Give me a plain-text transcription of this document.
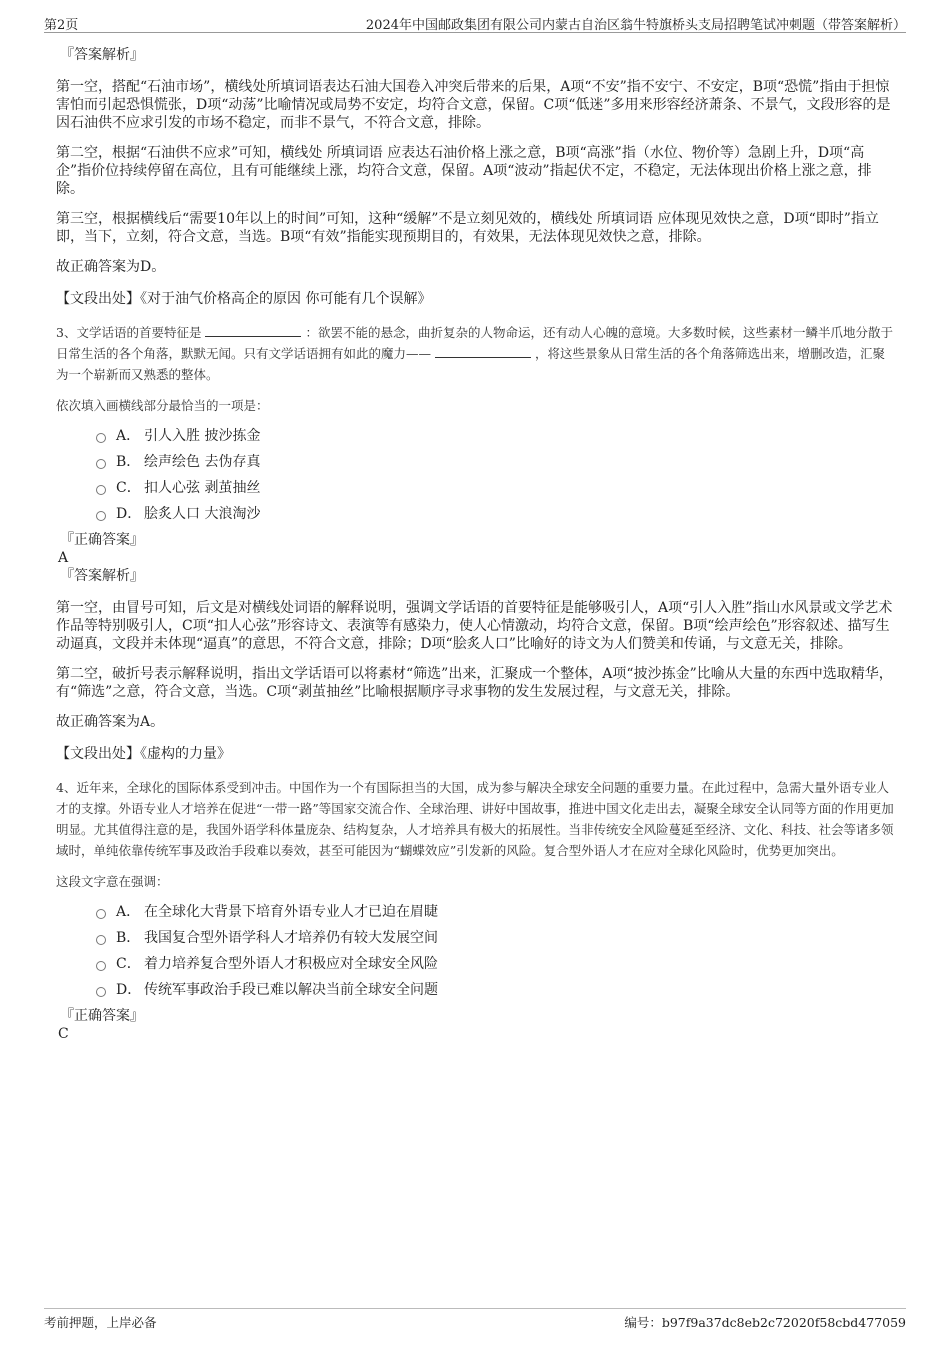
第2页	2024年中国邮政集团有限公司内蒙古自治区翁牛特旗桥头支局招聘笔试冲刺题（带答案解析）

『答案解析』

第一空，搭配“石油市场”，横线处所填词语表达石油大国卷入冲突后带来的后果，A项“不安”指不安宁、不安定，B项“恐慌”指由于担惊害怕而引起恐惧慌张，D项“动荡”比喻情况或局势不安定，均符合文意，保留。C项“低迷”多用来形容经济萧条、不景气，文段形容的是因石油供不应求引发的市场不稳定，而非不景气，不符合文意，排除。

第二空，根据“石油供不应求”可知，横线处 所填词语 应表达石油价格上涨之意，B项“高涨”指（水位、物价等）急剧上升，D项“高企”指价位持续停留在高位，且有可能继续上涨，均符合文意，保留。A项“波动”指起伏不定，不稳定，无法体现出价格上涨之意，排除。

第三空，根据横线后“需要10年以上的时间”可知，这种“缓解”不是立刻见效的，横线处 所填词语 应体现见效快之意，D项“即时”指立即，当下，立刻，符合文意，当选。B项“有效”指能实现预期目的，有效果，无法体现见效快之意，排除。

故正确答案为D。

【文段出处】《对于油气价格高企的原因 你可能有几个误解》

3、文学话语的首要特征是	：欲罢不能的悬念，曲折复杂的人物命运，还有动人心魄的意境。大多数时候，这些素材一鳞半爪地分散于日常生活的各个角落，默默无闻。只有文学话语拥有如此的魔力——	，将这些景象从日常生活的各个角落筛选出来，增删改造，汇聚为一个崭新而又熟悉的整体。

依次填入画横线部分最恰当的一项是：

A． 引人入胜 披沙拣金
B． 绘声绘色 去伪存真
C． 扣人心弦 剥茧抽丝
D． 脍炙人口 大浪淘沙

『正确答案』

A

『答案解析』

第一空，由冒号可知，后文是对横线处词语的解释说明，强调文学话语的首要特征是能够吸引人，A项“引人入胜”指山水风景或文学艺术作品等特别吸引人，C项“扣人心弦”形容诗文、表演等有感染力，使人心情激动，均符合文意，保留。B项“绘声绘色”形容叙述、描写生动逼真，文段并未体现“逼真”的意思，不符合文意，排除；D项“脍炙人口”比喻好的诗文为人们赞美和传诵，与文意无关，排除。

第二空，破折号表示解释说明，指出文学话语可以将素材“筛选”出来，汇聚成一个整体，A项“披沙拣金”比喻从大量的东西中选取精华，有“筛选”之意，符合文意，当选。C项“剥茧抽丝”比喻根据顺序寻求事物的发生发展过程，与文意无关，排除。

故正确答案为A。

【文段出处】《虚构的力量》

4、近年来，全球化的国际体系受到冲击。中国作为一个有国际担当的大国，成为参与解决全球安全问题的重要力量。在此过程中，急需大量外语专业人才的支撑。外语专业人才培养在促进“一带一路”等国家交流合作、全球治理、讲好中国故事，推进中国文化走出去，凝聚全球安全认同等方面的作用更加明显。尤其值得注意的是，我国外语学科体量庞杂、结构复杂，人才培养具有极大的拓展性。当非传统安全风险蔓延至经济、文化、科技、社会等诸多领域时，单纯依靠传统军事及政治手段难以奏效，甚至可能因为“蝴蝶效应”引发新的风险。复合型外语人才在应对全球化风险时，优势更加突出。

这段文字意在强调：

A． 在全球化大背景下培育外语专业人才已迫在眉睫
B． 我国复合型外语学科人才培养仍有较大发展空间
C． 着力培养复合型外语人才积极应对全球安全风险
D． 传统军事政治手段已难以解决当前全球安全问题

『正确答案』

C

考前押题，上岸必备	编号：b97f9a37dc8eb2c72020f58cbd477059
